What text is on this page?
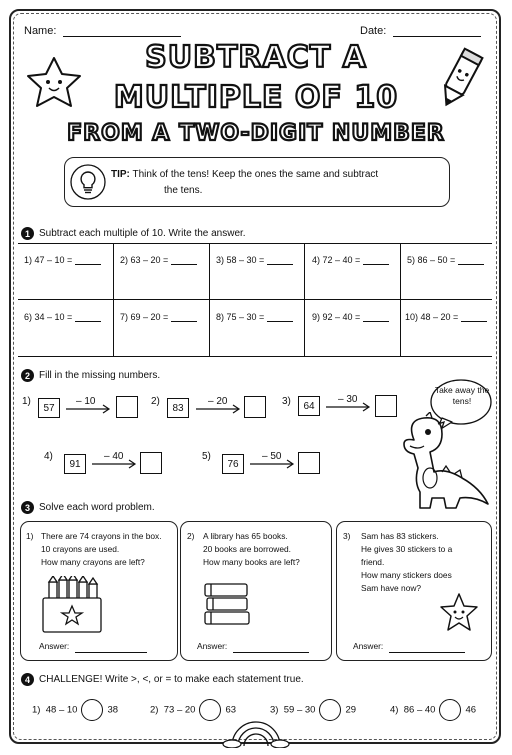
Name:	Date:
SUBTRACT A
MULTIPLE OF 10
FROM A TWO-DIGIT NUMBER
TIP: Think of the tens! Keep the ones the same and subtract
the tens.
1 Subtract each multiple of 10. Write the answer.
1) 47 – 10 =	2) 63 – 20 =	3) 58 – 30 =	4) 72 – 40 =	5) 86 – 50 =
6) 34 – 10 =	7) 69 – 20 =	8) 75 – 30 =	9) 92 – 40 =	10) 48 – 20 =
2 Fill in the missing numbers.
1)
57
– 10	2)
83
– 20	3)	64
– 30
4)
91
– 40	5)
76
– 50
Take away the tens!
3 Solve each word problem.
1) There are 74 crayons in the box.
10 crayons are used.
How many crayons are left?
Answer:
2) A library has 65 books.
20 books are borrowed.
How many books are left?
Answer:
3) Sam has 83 stickers.
He gives 30 stickers to a
friend.
How many stickers does
Sam have now?
Answer:
4 CHALLENGE! Write >, <, or = to make each statement true.
1) 48 – 10	38	2) 73 – 20	63	3) 59 – 30	29	4) 86 – 40	46
